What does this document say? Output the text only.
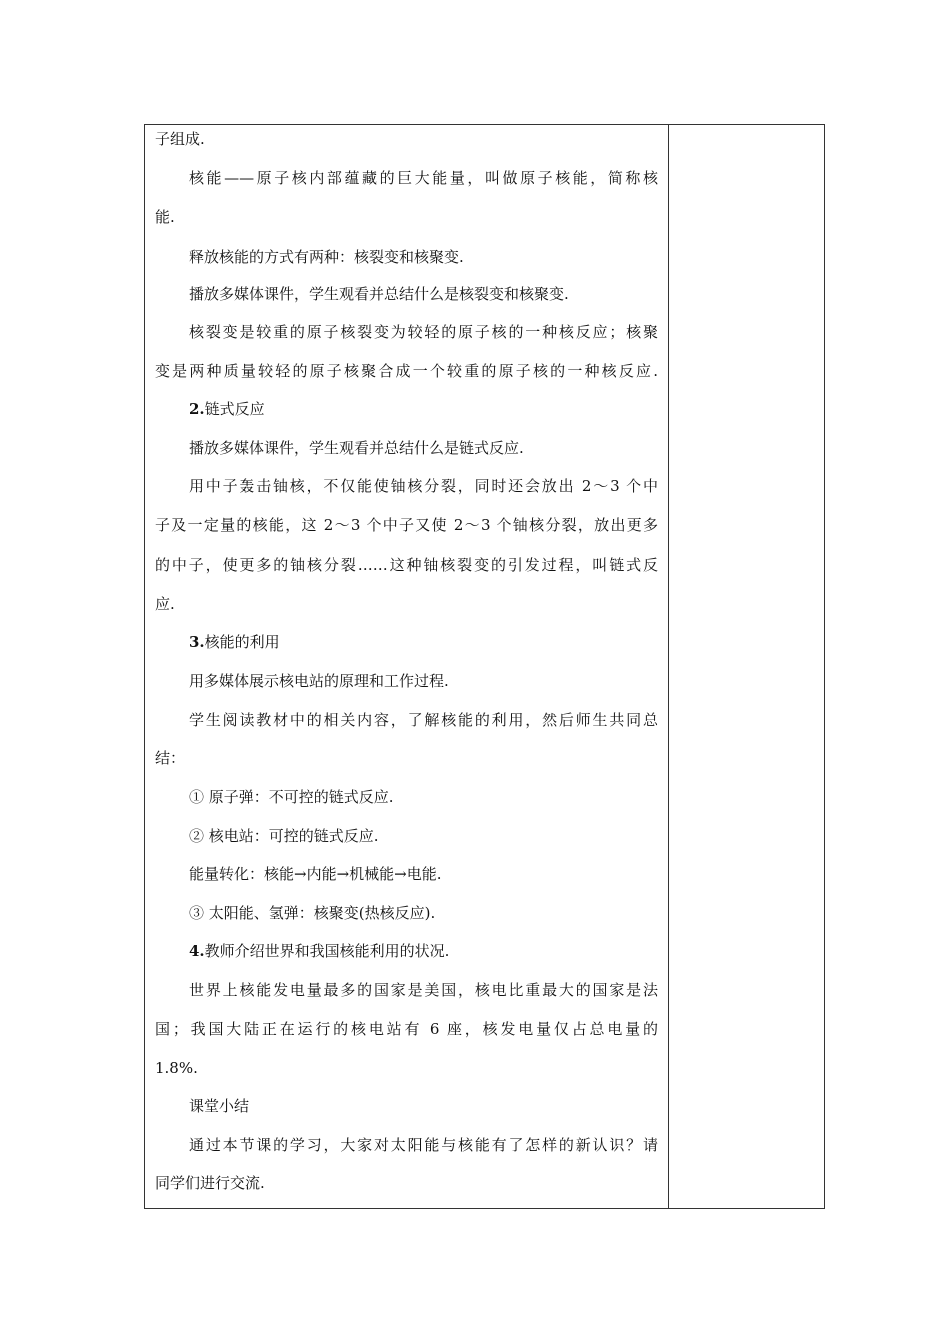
子组成.
核能——原子核内部蕴藏的巨大能量，叫做原子核能，简称核
能.
释放核能的方式有两种：核裂变和核聚变.
播放多媒体课件，学生观看并总结什么是核裂变和核聚变.
核裂变是较重的原子核裂变为较轻的原子核的一种核反应；核聚
变是两种质量较轻的原子核聚合成一个较重的原子核的一种核反应.
2.链式反应
播放多媒体课件，学生观看并总结什么是链式反应.
用中子轰击铀核，不仅能使铀核分裂，同时还会放出 2～3 个中
子及一定量的核能，这 2～3 个中子又使 2～3 个铀核分裂，放出更多
的中子，使更多的铀核分裂……这种铀核裂变的引发过程，叫链式反
应.
3.核能的利用
用多媒体展示核电站的原理和工作过程.
学生阅读教材中的相关内容，了解核能的利用，然后师生共同总
结：
① 原子弹：不可控的链式反应.
② 核电站：可控的链式反应.
能量转化：核能→内能→机械能→电能.
③ 太阳能、氢弹：核聚变(热核反应).
4.教师介绍世界和我国核能利用的状况.
世界上核能发电量最多的国家是美国，核电比重最大的国家是法
国；我国大陆正在运行的核电站有 6 座，核发电量仅占总电量的
1.8%.
课堂小结
通过本节课的学习，大家对太阳能与核能有了怎样的新认识？请
同学们进行交流.
